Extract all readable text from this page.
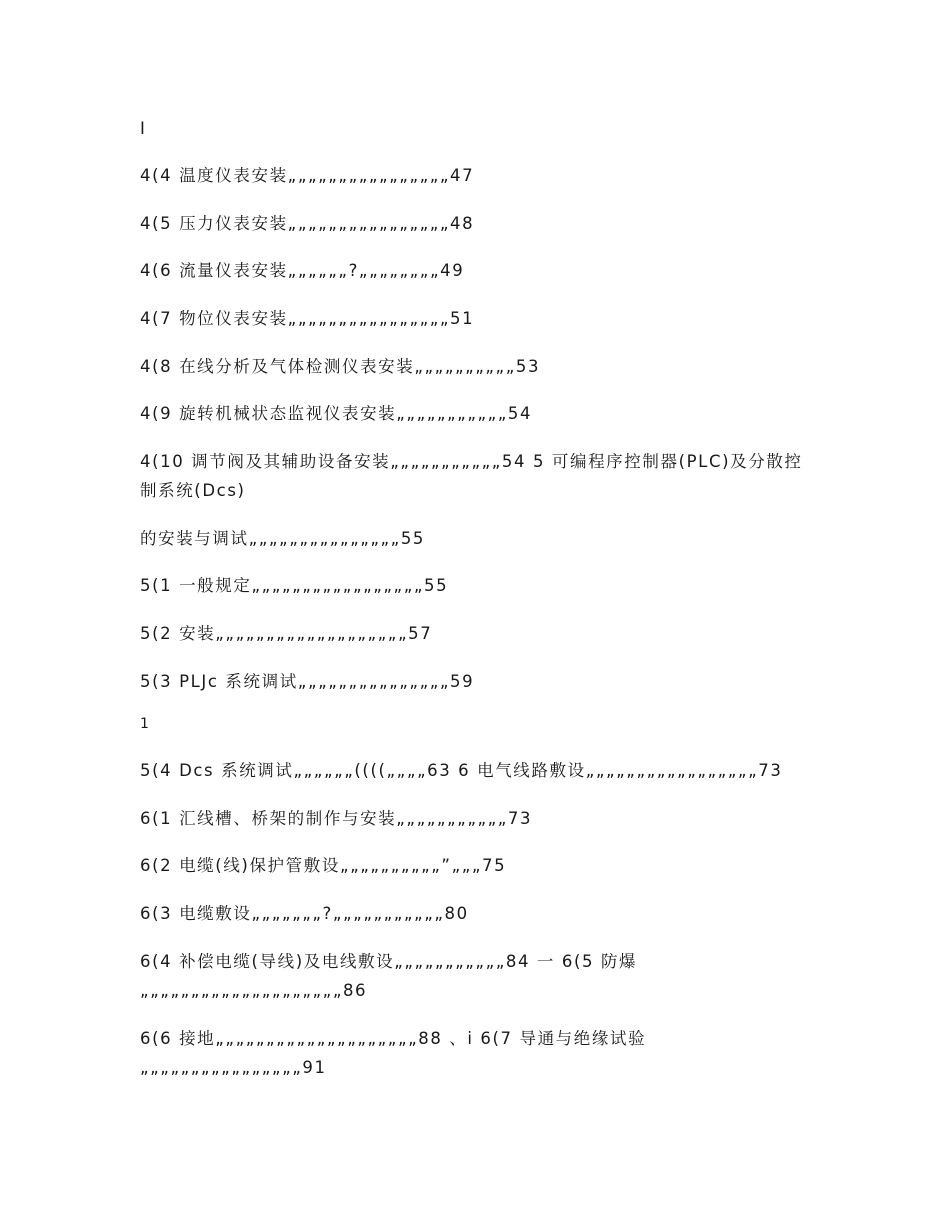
I
4(4 温度仪表安装„„„„„„„„„„„„„„„„47
4(5 压力仪表安装„„„„„„„„„„„„„„„„48
4(6 流量仪表安装„„„„„„?„„„„„„„„49
4(7 物位仪表安装„„„„„„„„„„„„„„„„51
4(8 在线分析及气体检测仪表安装„„„„„„„„„„53
4(9 旋转机械状态监视仪表安装„„„„„„„„„„„54
4(10 调节阀及其辅助设备安装„„„„„„„„„„„54 5 可编程序控制器(PLC)及分散控制系统(Dcs)
的安装与调试„„„„„„„„„„„„„„„55
5(1 一般规定„„„„„„„„„„„„„„„„„55
5(2 安装„„„„„„„„„„„„„„„„„„„57
5(3 PLJc 系统调试„„„„„„„„„„„„„„„59
1
5(4 Dcs 系统调试„„„„„„((((„„„„63 6 电气线路敷设„„„„„„„„„„„„„„„„„73
6(1 汇线槽、桥架的制作与安装„„„„„„„„„„„73
6(2 电缆(线)保护管敷设„„„„„„„„„„”„„„75
6(3 电缆敷设„„„„„„„?„„„„„„„„„„„80
6(4 补偿电缆(导线)及电线敷设„„„„„„„„„„„84 一 6(5 防爆„„„„„„„„„„„„„„„„„„„„86
6(6 接地„„„„„„„„„„„„„„„„„„„„88 、i 6(7 导通与绝缘试验„„„„„„„„„„„„„„„„91
